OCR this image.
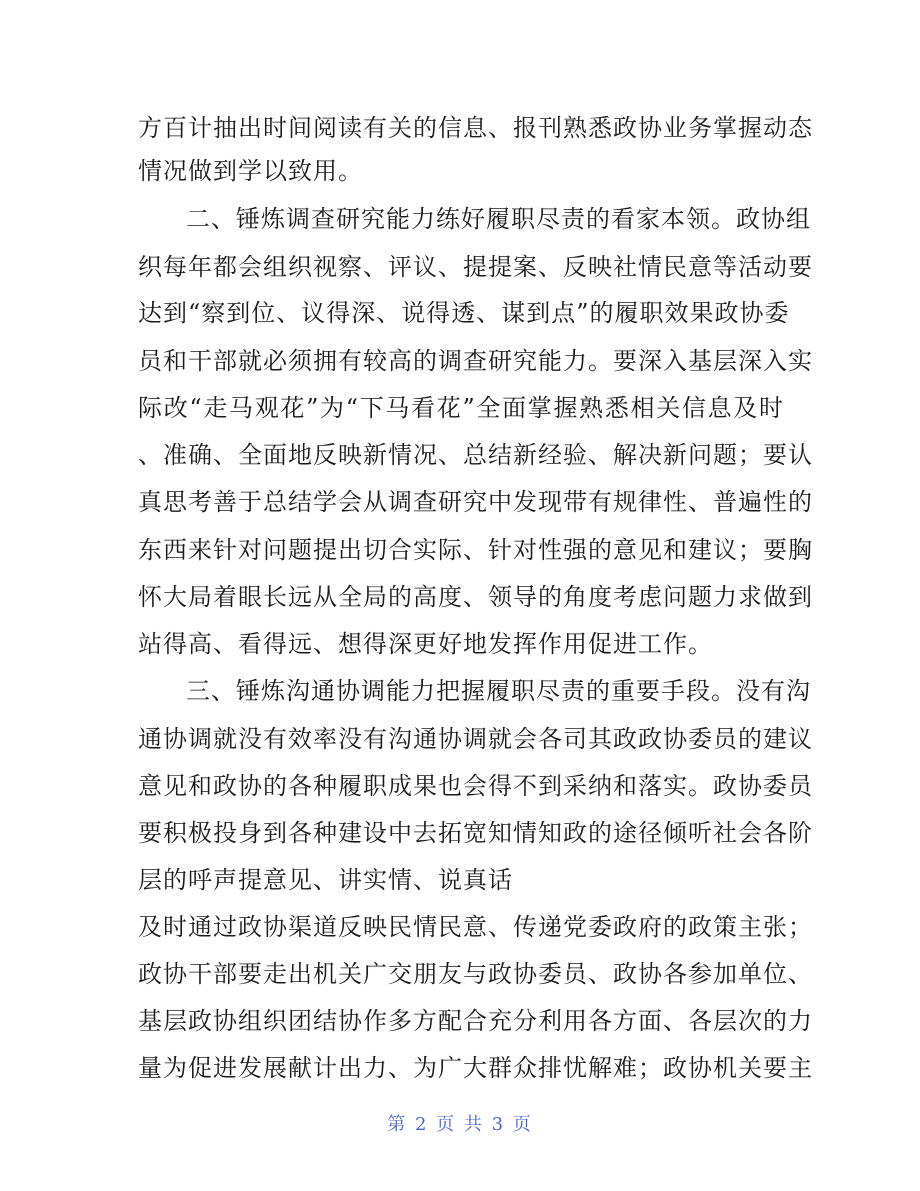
方百计抽出时间阅读有关的信息、报刊熟悉政协业务掌握动态
情况做到学以致用。
二、锤炼调查研究能力练好履职尽责的看家本领。政协组
织每年都会组织视察、评议、提提案、反映社情民意等活动要
达到“察到位、议得深、说得透、谋到点”的履职效果政协委
员和干部就必须拥有较高的调查研究能力。要深入基层深入实
际改“走马观花”为“下马看花”全面掌握熟悉相关信息及时
、准确、全面地反映新情况、总结新经验、解决新问题；要认
真思考善于总结学会从调查研究中发现带有规律性、普遍性的
东西来针对问题提出切合实际、针对性强的意见和建议；要胸
怀大局着眼长远从全局的高度、领导的角度考虑问题力求做到
站得高、看得远、想得深更好地发挥作用促进工作。
三、锤炼沟通协调能力把握履职尽责的重要手段。没有沟
通协调就没有效率没有沟通协调就会各司其政政协委员的建议
意见和政协的各种履职成果也会得不到采纳和落实。政协委员
要积极投身到各种建设中去拓宽知情知政的途径倾听社会各阶
层的呼声提意见、讲实情、说真话
及时通过政协渠道反映民情民意、传递党委政府的政策主张；
政协干部要走出机关广交朋友与政协委员、政协各参加单位、
基层政协组织团结协作多方配合充分利用各方面、各层次的力
量为促进发展献计出力、为广大群众排忧解难；政协机关要主
第 2 页 共 3 页
